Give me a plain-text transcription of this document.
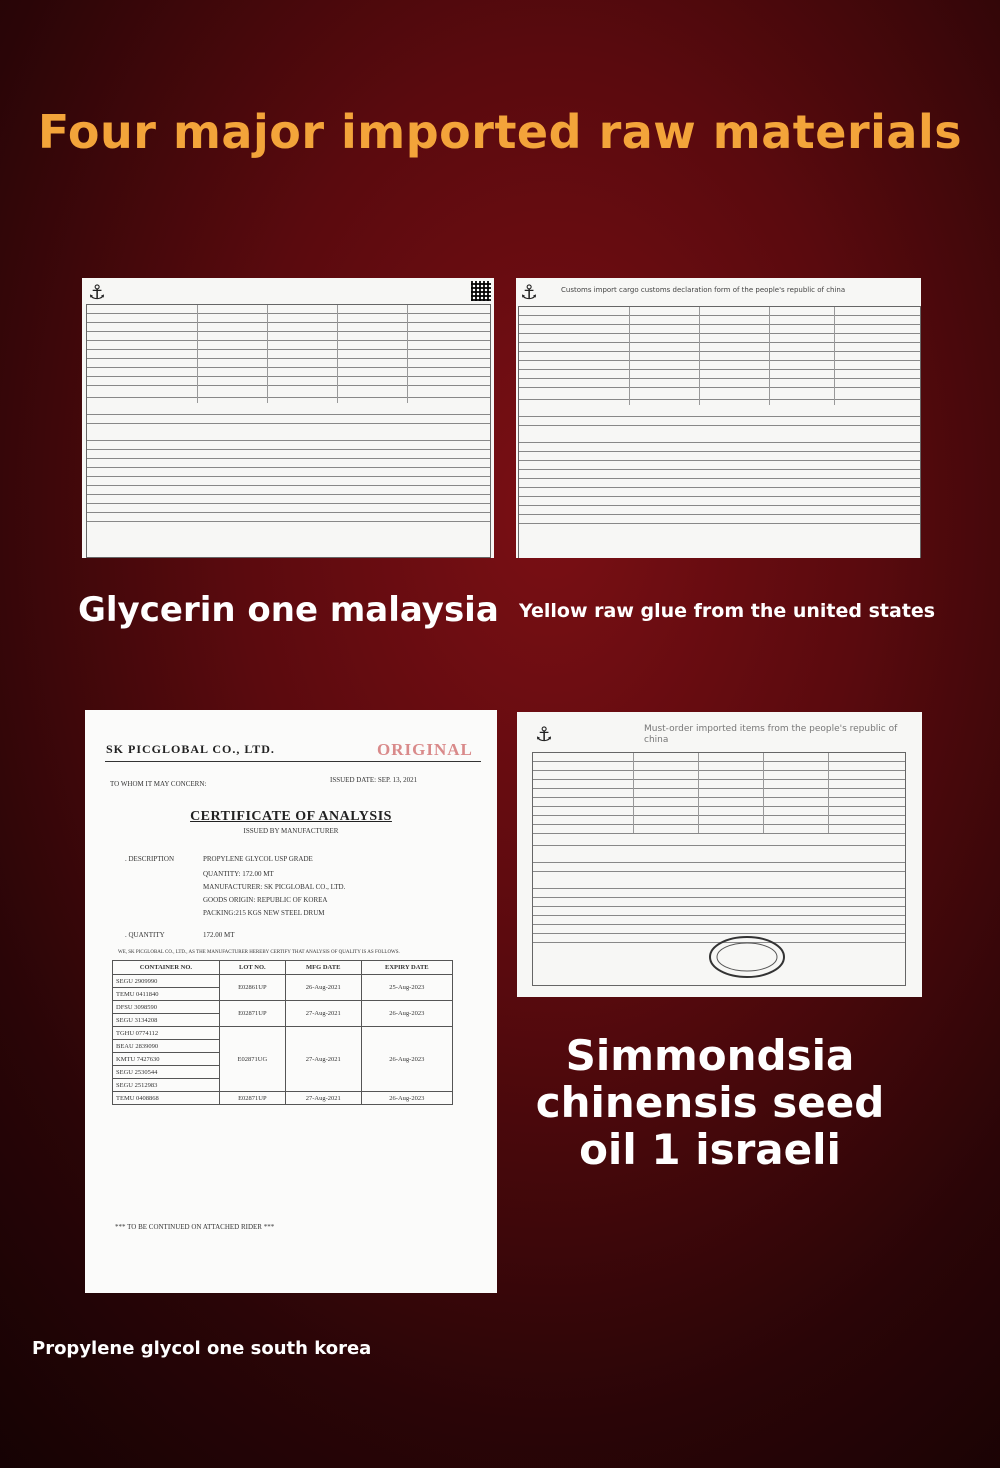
Four major imported raw materials
⚓	⚓	Customs import cargo customs declaration form of the people's republic of china
Glycerin one malaysia Yellow raw glue from the united states
SK PICGLOBAL CO., LTD.	ORIGINAL
TO WHOM IT MAY CONCERN:	ISSUED DATE: SEP. 13, 2021
CERTIFICATE OF ANALYSIS
ISSUED BY MANUFACTURER
. DESCRIPTION	PROPYLENE GLYCOL USP GRADE
QUANTITY: 172.00 MT
MANUFACTURER: SK PICGLOBAL CO., LTD.
GOODS ORIGIN: REPUBLIC OF KOREA
PACKING:215 KGS NEW STEEL DRUM
. QUANTITY	172.00 MT
WE, SK PICGLOBAL CO., LTD., AS THE MANUFACTURER HEREBY CERTIFY THAT ANALYSIS OF QUALITY IS AS FOLLOWS.
CONTAINER NO.	LOT NO.	MFG DATE	EXPIRY DATE
SEGU 2909990	E02861UP	26-Aug-2021	25-Aug-2023
TEMU 0411840			
DFSU 3098590	E02871UP	27-Aug-2021	26-Aug-2023
SEGU 3134208			
TGHU 0774112	E02871UG	27-Aug-2021	26-Aug-2023
BEAU 2839090			
KMTU 7427630			
SEGU 2530544			
SEGU 2512983			
TEMU 0408868	E02871UP	27-Aug-2021	26-Aug-2023
*** TO BE CONTINUED ON ATTACHED RIDER ***
⚓	Must-order imported items from the people's republic of china
Simmondsia chinensis seed oil 1 israeli
Propylene glycol one south korea
